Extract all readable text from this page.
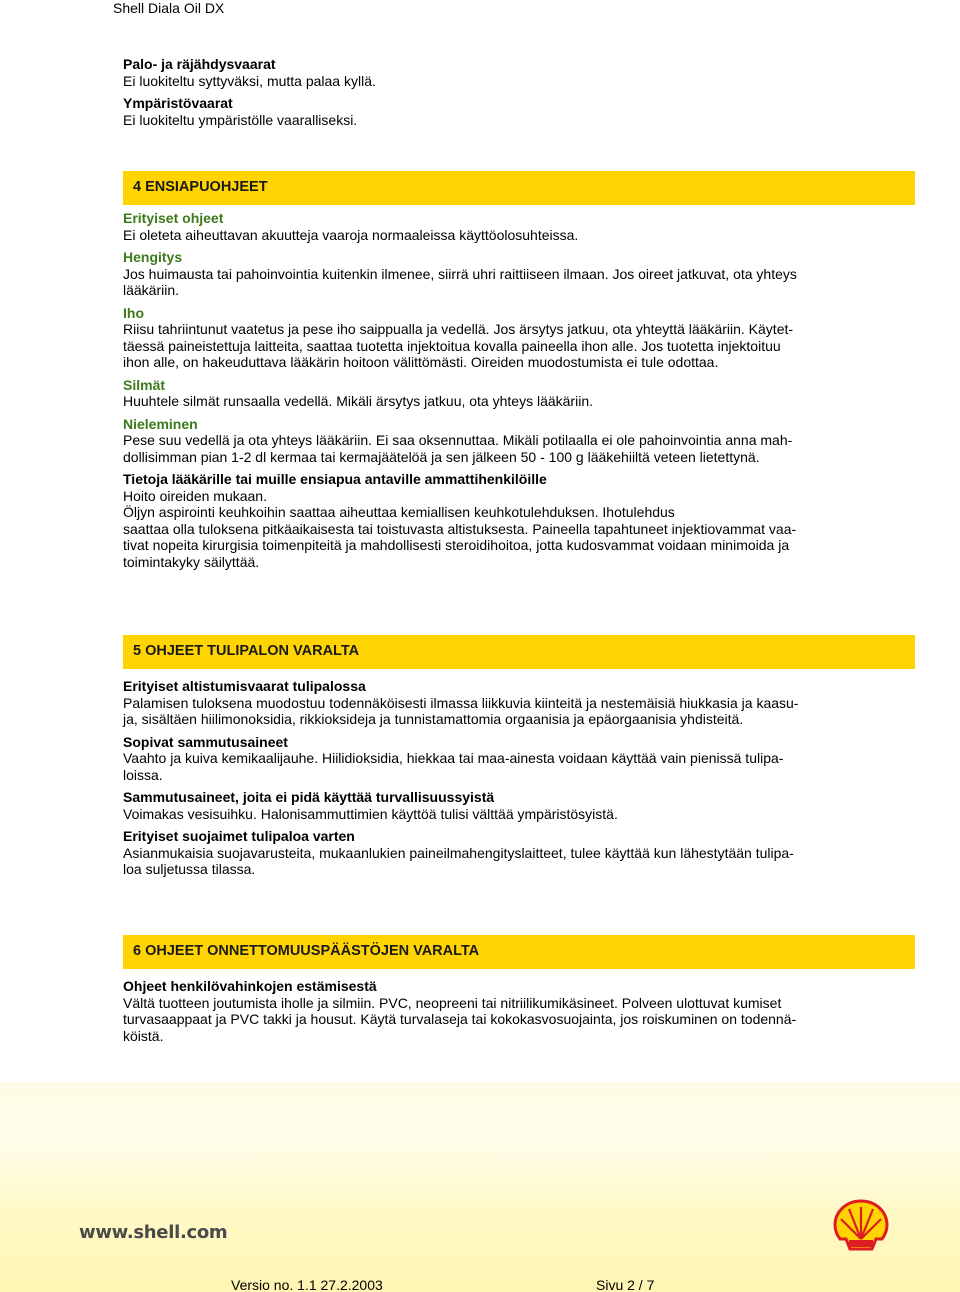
Shell Diala Oil DX

Palo- ja räjähdysvaarat

Ei luokiteltu syttyväksi, mutta palaa kyllä.

Ympäristövaarat

Ei luokiteltu ympäristölle vaaralliseksi.

4 ENSIAPUOHJEET

Erityiset ohjeet

Ei oleteta aiheuttavan akuutteja vaaroja normaaleissa käyttöolosuhteissa.

Hengitys

Jos huimausta tai pahoinvointia kuitenkin ilmenee, siirrä uhri raittiiseen ilmaan. Jos oireet jatkuvat, ota yhteys

lääkäriin.

Iho

Riisu tahriintunut vaatetus ja pese iho saippualla ja vedellä. Jos ärsytys jatkuu, ota yhteyttä lääkäriin. Käytet-

täessä paineistettuja laitteita, saattaa tuotetta injektoitua kovalla paineella ihon alle. Jos tuotetta injektoituu

ihon alle, on hakeuduttava lääkärin hoitoon välittömästi. Oireiden muodostumista ei tule odottaa.

Silmät

Huuhtele silmät runsaalla vedellä. Mikäli ärsytys jatkuu, ota yhteys lääkäriin.

Nieleminen

Pese suu vedellä ja ota yhteys lääkäriin. Ei saa oksennuttaa. Mikäli potilaalla ei ole pahoinvointia anna mah-

dollisimman pian 1-2 dl kermaa tai kermajäätelöä ja sen jälkeen 50 - 100 g lääkehiiltä veteen lietettynä.

Tietoja lääkärille tai muille ensiapua antaville ammattihenkilöille

Hoito oireiden mukaan.

Öljyn aspirointi keuhkoihin saattaa aiheuttaa kemiallisen keuhkotulehduksen. Ihotulehdus

saattaa olla tuloksena pitkäaikaisesta tai toistuvasta altistuksesta. Paineella tapahtuneet injektiovammat vaa-

tivat nopeita kirurgisia toimenpiteitä ja mahdollisesti steroidihoitoa, jotta kudosvammat voidaan minimoida ja

toimintakyky säilyttää.

5 OHJEET TULIPALON VARALTA

Erityiset altistumisvaarat tulipalossa

Palamisen tuloksena muodostuu todennäköisesti ilmassa liikkuvia kiinteitä ja nestemäisiä hiukkasia ja kaasu-

ja, sisältäen hiilimonoksidia, rikkioksideja ja tunnistamattomia orgaanisia ja epäorgaanisia yhdisteitä.

Sopivat sammutusaineet

Vaahto ja kuiva kemikaalijauhe. Hiilidioksidia, hiekkaa tai maa-ainesta voidaan käyttää vain pienissä tulipa-

loissa.

Sammutusaineet, joita ei pidä käyttää turvallisuussyistä

Voimakas vesisuihku. Halonisammuttimien käyttöä tulisi välttää ympäristösyistä.

Erityiset suojaimet tulipaloa varten

Asianmukaisia suojavarusteita, mukaanlukien paineilmahengityslaitteet, tulee käyttää kun lähestytään tulipa-

loa suljetussa tilassa.

6 OHJEET ONNETTOMUUSPÄÄSTÖJEN VARALTA

Ohjeet henkilövahinkojen estämisestä

Vältä tuotteen joutumista iholle ja silmiin. PVC, neopreeni tai nitriilikumikäsineet. Polveen ulottuvat kumiset

turvasaappaat ja PVC takki ja housut. Käytä turvalaseja tai kokokasvosuojainta, jos roiskuminen on todennä-

köistä.

www.shell.com
Versio no. 1.1 27.2.2003	Sivu 2 / 7
